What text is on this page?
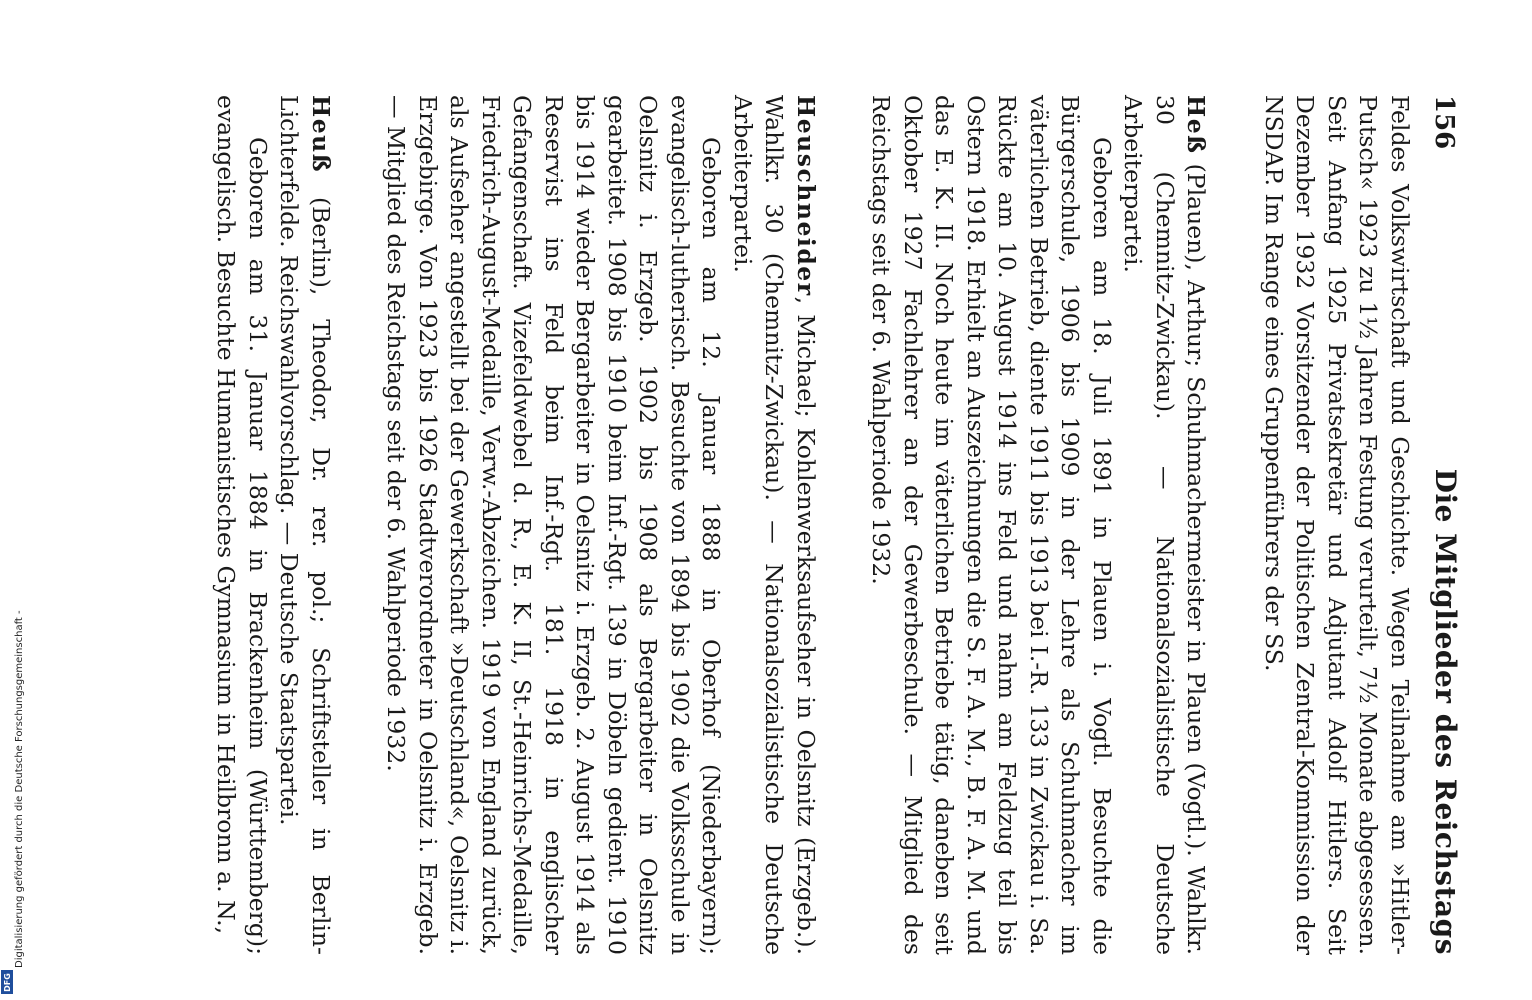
156
Die Mitglieder des Reichstags

Feldes Volkswirtschaft und Geschichte. Wegen Teilnahme am »Hitler-Putsch« 1923 zu 1½ Jahren Festung verurteilt, 7½ Monate abgesessen. Seit Anfang 1925 Privatsekretär und Adjutant Adolf Hitlers. Seit Dezember 1932 Vorsitzender der Politischen Zentral-Kommission der NSDAP. Im Range eines Gruppenführers der SS.

Heß (Plauen), Arthur; Schuhmachermeister in Plauen (Vogtl.). Wahlkr. 30 (Chemnitz-Zwickau). — Nationalsozialistische Deutsche Arbeiterpartei.

Geboren am 18. Juli 1891 in Plauen i. Vogtl. Besuchte die Bürgerschule, 1906 bis 1909 in der Lehre als Schuhmacher im väterlichen Betrieb, diente 1911 bis 1913 bei I.-R. 133 in Zwickau i. Sa. Rückte am 10. August 1914 ins Feld und nahm am Feldzug teil bis Ostern 1918. Erhielt an Auszeichnungen die S. F. A. M., B. F. A. M. und das E. K. II. Noch heute im väterlichen Betriebe tätig, daneben seit Oktober 1927 Fachlehrer an der Gewerbeschule. — Mitglied des Reichstags seit der 6. Wahlperiode 1932.

Heuschneider, Michael; Kohlenwerksaufseher in Oelsnitz (Erzgeb.). Wahlkr. 30 (Chemnitz-Zwickau). — Nationalsozialistische Deutsche Arbeiterpartei.

Geboren am 12. Januar 1888 in Oberhof (Niederbayern); evangelisch-lutherisch. Besuchte von 1894 bis 1902 die Volksschule in Oelsnitz i. Erzgeb. 1902 bis 1908 als Bergarbeiter in Oelsnitz gearbeitet. 1908 bis 1910 beim Inf.-Rgt. 139 in Döbeln gedient. 1910 bis 1914 wieder Bergarbeiter in Oelsnitz i. Erzgeb. 2. August 1914 als Reservist ins Feld beim Inf.-Rgt. 181. 1918 in englischer Gefangenschaft. Vizefeldwebel d. R., E. K. II, St.-Heinrichs-Medaille, Friedrich-August-Medaille, Verw.-Abzeichen. 1919 von England zurück, als Aufseher angestellt bei der Gewerkschaft »Deutschland«, Oelsnitz i. Erzgebirge. Von 1923 bis 1926 Stadtverordneter in Oelsnitz i. Erzgeb. — Mitglied des Reichstags seit der 6. Wahlperiode 1932.

Heuß (Berlin), Theodor, Dr. rer. pol.; Schriftsteller in Berlin-Lichterfelde. Reichswahlvorschlag. — Deutsche Staatspartei.

Geboren am 31. Januar 1884 in Brackenheim (Württemberg); evangelisch. Besuchte Humanistisches Gymnasium in Heilbronn a. N.,

Digitalisierung gefördert durch die Deutsche Forschungsgemeinschaft -
DFG
